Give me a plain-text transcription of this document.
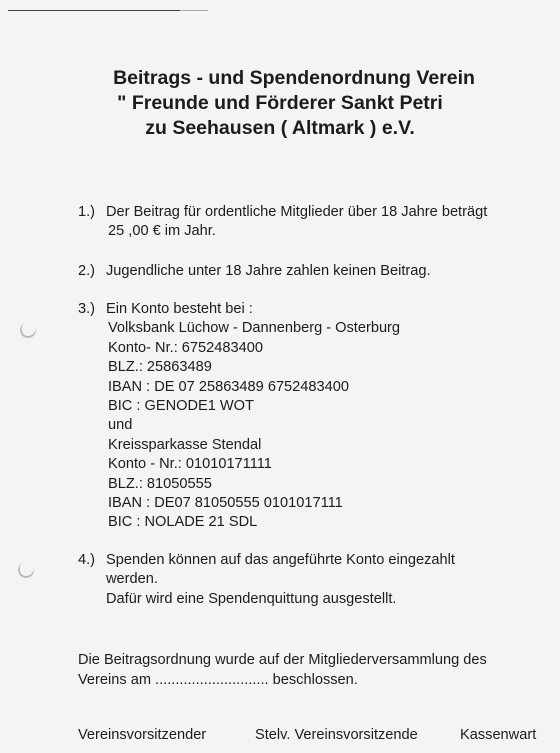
Beitrags - und Spendenordnung Verein
" Freunde und Förderer Sankt Petri
zu Seehausen ( Altmark ) e.V.
1.) Der Beitrag für ordentliche Mitglieder über 18 Jahre beträgt
25 ,00 € im Jahr.
2.) Jugendliche unter 18 Jahre zahlen keinen Beitrag.
3.) Ein Konto besteht bei :
Volksbank Lüchow - Dannenberg - Osterburg
Konto- Nr.: 6752483400
BLZ.: 25863489
IBAN : DE 07 25863489 6752483400
BIC : GENODE1 WOT
und
Kreissparkasse Stendal
Konto - Nr.: 01010171111
BLZ.: 81050555
IBAN : DE07 81050555 0101017111
BIC : NOLADE 21 SDL
4.) Spenden können auf das angeführte Konto eingezahlt
werden.
Dafür wird eine Spendenquittung ausgestellt.
Die Beitragsordnung wurde auf der Mitgliederversammlung des
Vereins am ............................ beschlossen.
Vereinsvorsitzender	Stelv. Vereinsvorsitzende	Kassenwart
